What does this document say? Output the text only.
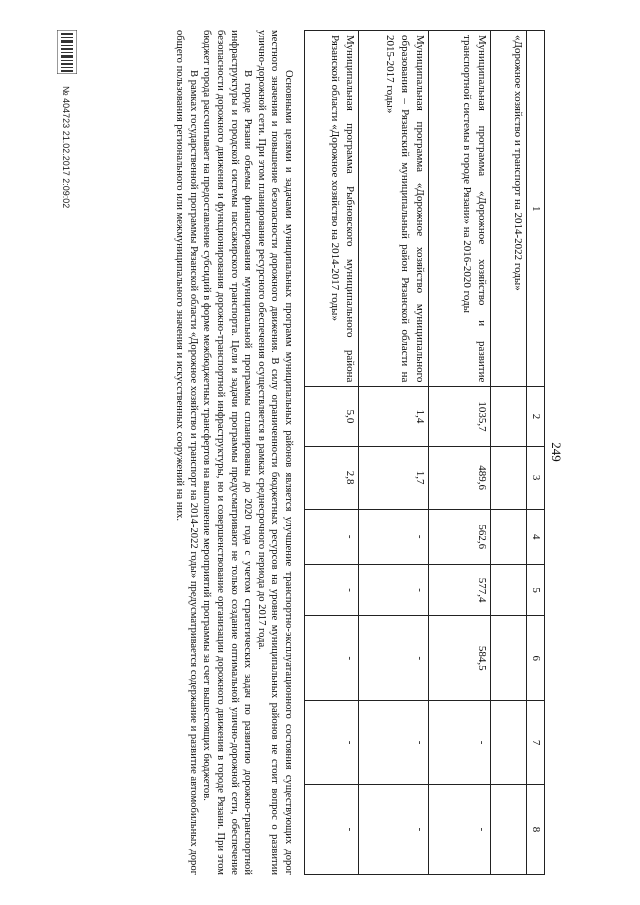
249
1	2	3	4	5	6	7	8
«Дорожное хозяйство и транспорт на 2014-2022 годы»							
Муниципальная программа «Дорожное хозяйство и развитие транспортной системы в городе Рязани» на 2016-2020 годы	1035,7	489,6	562,6	577,4	584,5	-	-
Муниципальная программа «Дорожное хозяйство муниципального образования – Рязанский муниципальный район Рязанской области на 2015-2017 годы»	1,4	1,7	-	-	-	-	-
Муниципальная программа Рыбновского муниципального района Рязанской области «Дорожное хозяйство на 2014-2017 годы»	5,0	2,8	-	-	-	-	-

Основными целями и задачами муниципальных программ муниципальных районов является улучшение транспортно-эксплуатационного состояния существующих дорог местного значения и повышение безопасности дорожного движения. В силу ограниченности бюджетных ресурсов на уровне муниципальных районов не стоит вопрос о развитии улично-дорожной сети. При этом планирование ресурсного обеспечения осуществляется в рамках среднесрочного периода до 2017 года.

В городе Рязани объемы финансирования муниципальной программы спланированы до 2020 года с учетом стратегических задач по развитию дорожно-транспортной инфраструктуры и городской системы пассажирского транспорта. Цели и задачи программы предусматривают не только создание оптимальной улично-дорожной сети, обеспечение безопасности дорожного движения и функционирования дорожно-транспортной инфраструктуры, но и совершенствование организации дорожного движения в городе Рязани. При этом бюджет города рассчитывает на предоставление субсидий в форме межбюджетных трансфертов на выполнение мероприятий программы за счет вышестоящих бюджетов.

В рамках государственной программы Рязанской области «Дорожное хозяйство и транспорт на 2014-2022 годы» предусматривается содержание и развитие автомобильных дорог общего пользования регионального или межмуниципального значения и искусственных сооружений на них.

№ 404723 21.02.2017 2:09:02
